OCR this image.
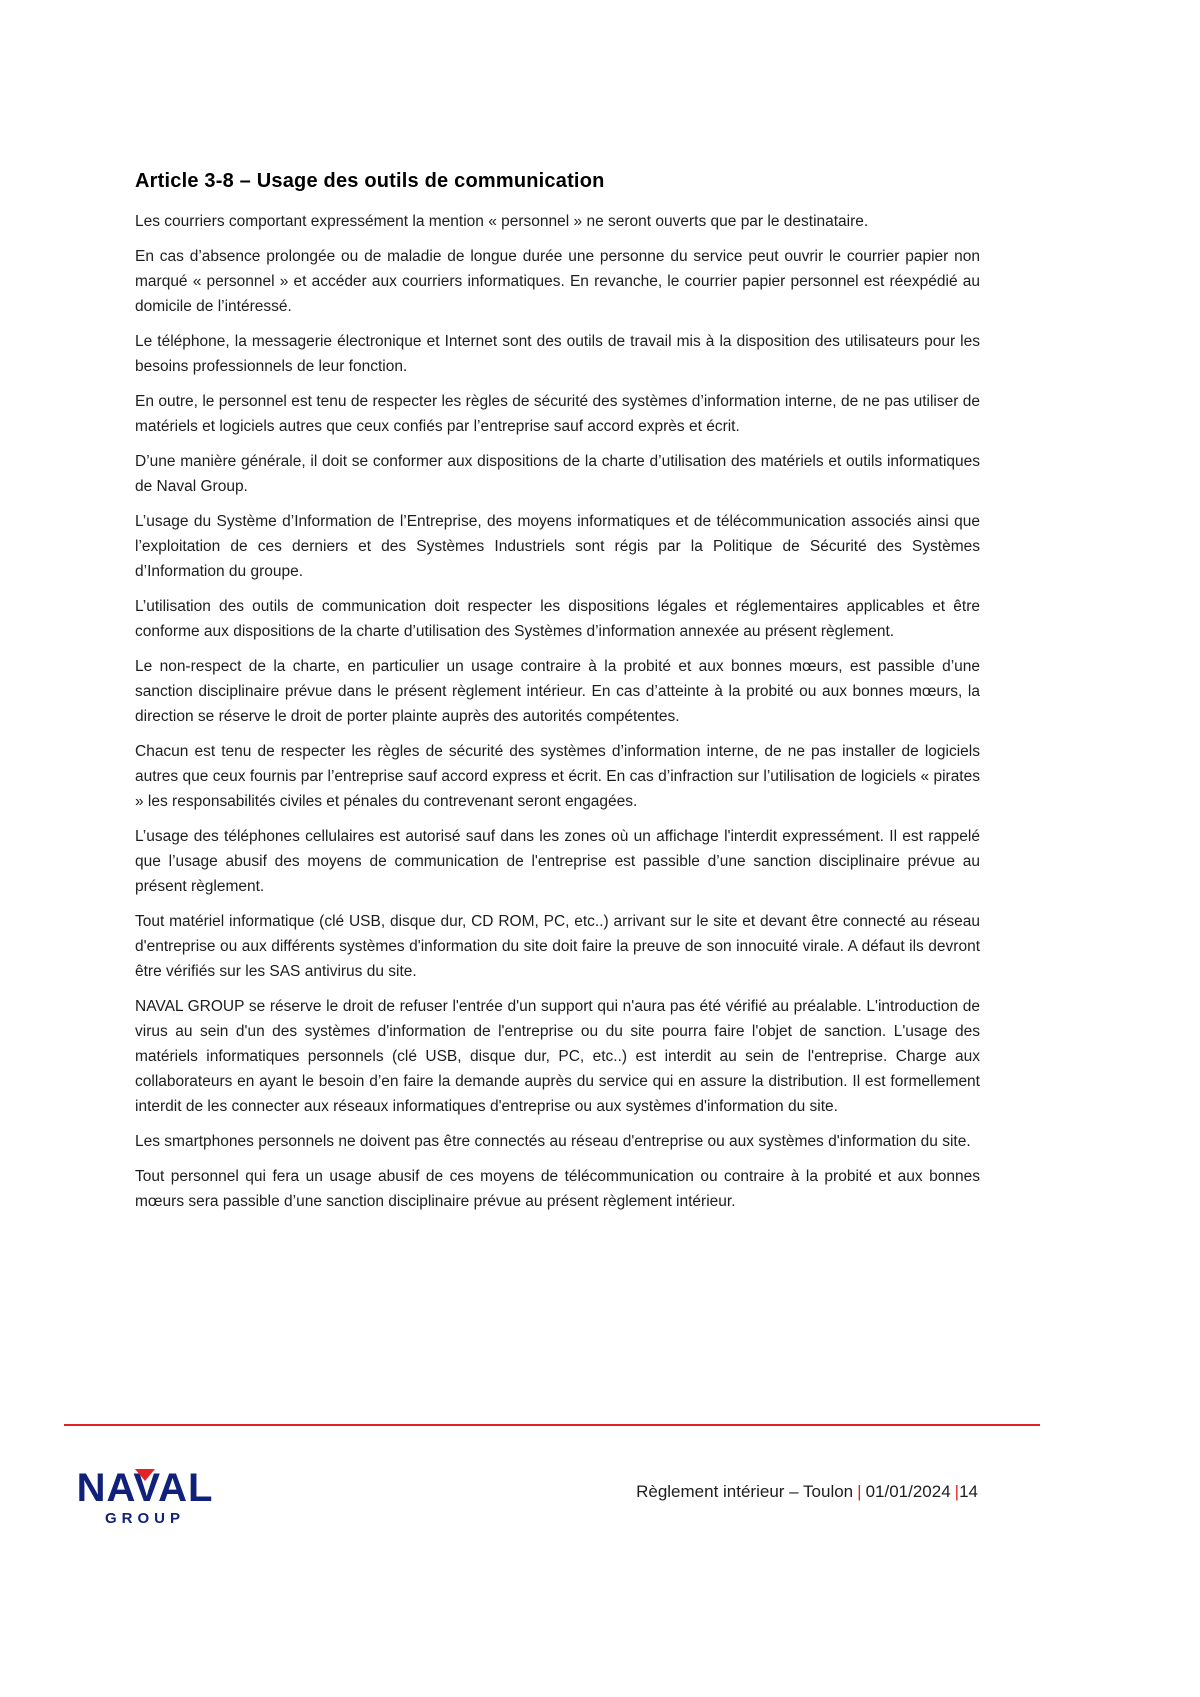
Article 3-8 – Usage des outils de communication

Les courriers comportant expressément la mention « personnel » ne seront ouverts que par le destinataire.

En cas d’absence prolongée ou de maladie de longue durée une personne du service peut ouvrir le courrier papier non marqué « personnel » et accéder aux courriers informatiques. En revanche, le courrier papier personnel est réexpédié au domicile de l’intéressé.

Le téléphone, la messagerie électronique et Internet sont des outils de travail mis à la disposition des utilisateurs pour les besoins professionnels de leur fonction.

En outre, le personnel est tenu de respecter les règles de sécurité des systèmes d’information interne, de ne pas utiliser de matériels et logiciels autres que ceux confiés par l’entreprise sauf accord exprès et écrit.

D’une manière générale, il doit se conformer aux dispositions de la charte d’utilisation des matériels et outils informatiques de Naval Group.

L’usage du Système d’Information de l’Entreprise, des moyens informatiques et de télécommunication associés ainsi que l’exploitation de ces derniers et des Systèmes Industriels sont régis par la Politique de Sécurité des Systèmes d’Information du groupe.

L’utilisation des outils de communication doit respecter les dispositions légales et réglementaires applicables et être conforme aux dispositions de la charte d’utilisation des Systèmes d’information annexée au présent règlement.

Le non-respect de la charte, en particulier un usage contraire à la probité et aux bonnes mœurs, est passible d’une sanction disciplinaire prévue dans le présent règlement intérieur. En cas d’atteinte à la probité ou aux bonnes mœurs, la direction se réserve le droit de porter plainte auprès des autorités compétentes.

Chacun est tenu de respecter les règles de sécurité des systèmes d’information interne, de ne pas installer de logiciels autres que ceux fournis par l’entreprise sauf accord express et écrit. En cas d’infraction sur l’utilisation de logiciels « pirates » les responsabilités civiles et pénales du contrevenant seront engagées.

L’usage des téléphones cellulaires est autorisé sauf dans les zones où un affichage l'interdit expressément. Il est rappelé que l’usage abusif des moyens de communication de l'entreprise est passible d’une sanction disciplinaire prévue au présent règlement.

Tout matériel informatique (clé USB, disque dur, CD ROM, PC, etc..) arrivant sur le site et devant être connecté au réseau d'entreprise ou aux différents systèmes d'information du site doit faire la preuve de son innocuité virale. A défaut ils devront être vérifiés sur les SAS antivirus du site.

NAVAL GROUP se réserve le droit de refuser l'entrée d'un support qui n'aura pas été vérifié au préalable. L'introduction de virus au sein d'un des systèmes d'information de l'entreprise ou du site pourra faire l'objet de sanction. L'usage des matériels informatiques personnels (clé USB, disque dur, PC, etc..) est interdit au sein de l'entreprise. Charge aux collaborateurs en ayant le besoin d’en faire la demande auprès du service qui en assure la distribution. Il est formellement interdit de les connecter aux réseaux informatiques d'entreprise ou aux systèmes d'information du site.

Les smartphones personnels ne doivent pas être connectés au réseau d'entreprise ou aux systèmes d'information du site.

Tout personnel qui fera un usage abusif de ces moyens de télécommunication ou contraire à la probité et aux bonnes mœurs sera passible d’une sanction disciplinaire prévue au présent règlement intérieur.

NAVAL
GROUP
Règlement intérieur – Toulon | 01/01/2024 |14
